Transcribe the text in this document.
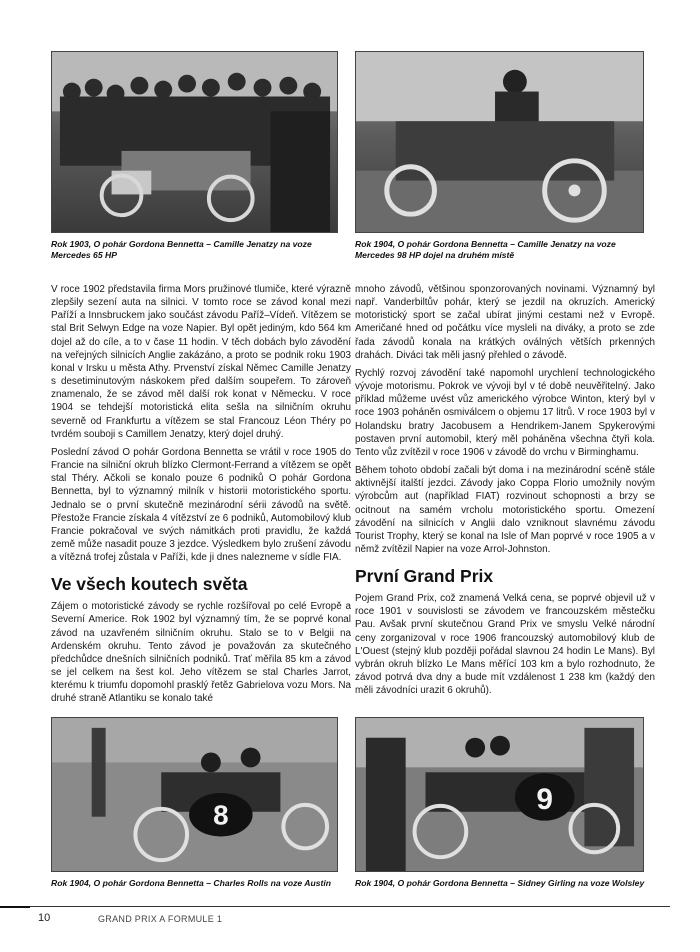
Rok 1903, O pohár Gordona Bennetta – Camille Jenatzy na voze Mercedes 65 HP
Rok 1904, O pohár Gordona Bennetta – Camille Jenatzy na voze Mercedes 98 HP dojel na druhém místě

V roce 1902 představila firma Mors pružinové tlumiče, které výrazně zlepšily sezení auta na silnici. V tomto roce se závod konal mezi Paříží a Innsbruckem jako součást závodu Paříž–Vídeň. Vítězem se stal Brit Selwyn Edge na voze Napier. Byl opět jediným, kdo 564 km dojel až do cíle, a to v čase 11 hodin. V těch dobách bylo závodění na veřejných silnicích Anglie zakázáno, a proto se podnik roku 1903 konal v Irsku u města Athy. Prvenství získal Němec Camille Jenatzy s desetiminutovým náskokem před dalším soupeřem. To zároveň znamenalo, že se závod měl další rok konat v Německu. V roce 1904 se tehdejší motoristická elita sešla na silničním okruhu severně od Frankfurtu a vítězem se stal Francouz Léon Théry po tvrdém souboji s Camillem Jenatzy, který dojel druhý.

Poslední závod O pohár Gordona Bennetta se vrátil v roce 1905 do Francie na silniční okruh blízko Clermont-Ferrand a vítězem se opět stal Théry. Ačkoli se konalo pouze 6 podniků O pohár Gordona Bennetta, byl to významný milník v historii motoristického sportu. Jednalo se o první skutečně mezinárodní sérii závodů na světě. Přestože Francie získala 4 vítězství ze 6 podniků, Automobilový klub Francie pokračoval ve svých námitkách proti pravidlu, že každá země může nasadit pouze 3 jezdce. Výsledkem bylo zrušení závodu a vítězná trofej zůstala v Paříži, kde ji dnes nalezneme v sídle FIA.

Ve všech koutech světa

Zájem o motoristické závody se rychle rozšířoval po celé Evropě a Severní Americe. Rok 1902 byl významný tím, že se poprvé konal závod na uzavřeném silničním okruhu. Stalo se to v Belgii na Ardenském okruhu. Tento závod je považován za skutečného předchůdce dnešních silničních podniků. Trať měřila 85 km a závod se jel celkem na šest kol. Jeho vítězem se stal Charles Jarrot, kterému k triumfu dopomohl prasklý řetěz Gabrielova vozu Mors. Na druhé straně Atlantiku se konalo také

mnoho závodů, většinou sponzorovaných novinami. Významný byl např. Vanderbiltův pohár, který se jezdil na okruzích. Americký motoristický sport se začal ubírat jinými cestami než v Evropě. Američané hned od počátku více mysleli na diváky, a proto se zde řada závodů konala na krátkých oválných větších prkenných drahách. Diváci tak měli jasný přehled o závodě.

Rychlý rozvoj závodění také napomohl urychlení technologického vývoje motorismu. Pokrok ve vývoji byl v té době neuvěřitelný. Jako příklad můžeme uvést vůz amerického výrobce Winton, který byl v roce 1903 poháněn osmiválcem o objemu 17 litrů. V roce 1903 byl v Holandsku bratry Jacobusem a Hendrikem-Janem Spykerovými postaven první automobil, který měl poháněna všechna čtyři kola. Tento vůz zvítězil v roce 1906 v závodě do vrchu v Birminghamu.

Během tohoto období začali být doma i na mezinárodní scéně stále aktivnější italští jezdci. Závody jako Coppa Florio umožnily novým výrobcům aut (například FIAT) rozvinout schopnosti a brzy se ocitnout na samém vrcholu motoristického sportu. Omezení závodění na silnicích v Anglii dalo vzniknout slavnému závodu Tourist Trophy, který se konal na Isle of Man poprvé v roce 1905 a v němž zvítězil Napier na voze Arrol-Johnston.

První Grand Prix

Pojem Grand Prix, což znamená Velká cena, se poprvé objevil už v roce 1901 v souvislosti se závodem ve francouzském městečku Pau. Avšak první skutečnou Grand Prix ve smyslu Velké národní ceny zorganizoval v roce 1906 francouzský automobilový klub de L'Ouest (stejný klub později pořádal slavnou 24 hodin Le Mans). Byl vybrán okruh blízko Le Mans měřící 103 km a bylo rozhodnuto, že závod potrvá dva dny a bude mít vzdálenost 1 238 km (každý den měli závodníci urazit 6 okruhů).

8	9
Rok 1904, O pohár Gordona Bennetta – Charles Rolls na voze Austin	Rok 1904, O pohár Gordona Bennetta – Sidney Girling na voze Wolsley
10	GRAND PRIX A FORMULE 1
